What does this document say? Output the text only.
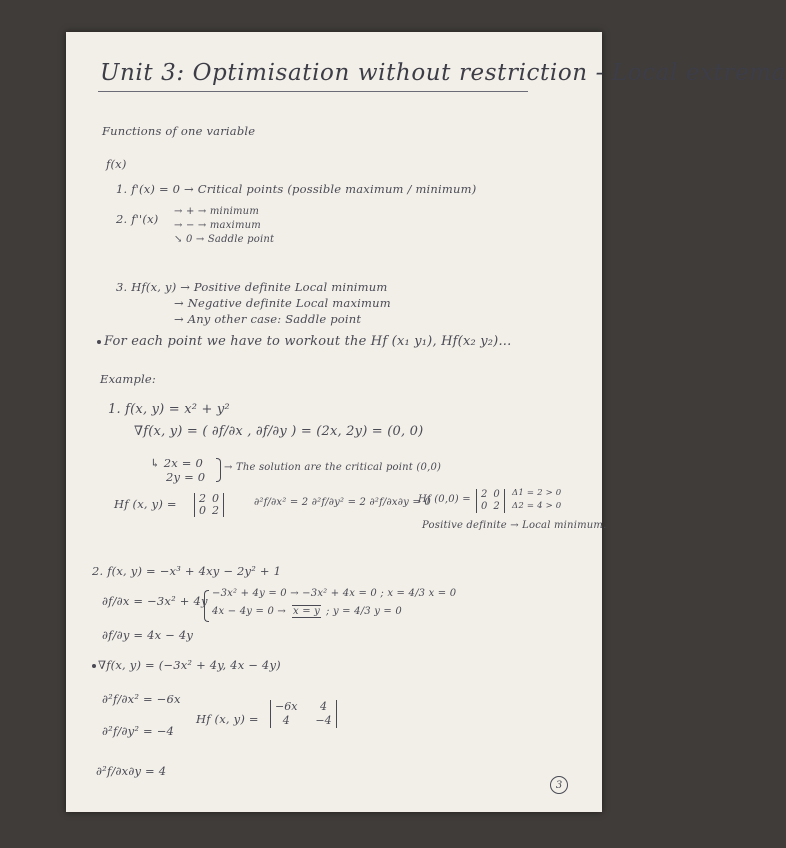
Unit 3: Optimisation without restriction - Local extrema
Functions of one variable
f(x)
1. f'(x) = 0 → Critical points (possible maximum / minimum)
2. f''(x)
→ + → minimum
→ − → maximum
↘ 0 → Saddle point
3. Hf(x, y) → Positive definite Local minimum
→ Negative definite Local maximum
→ Any other case: Saddle point
For each point we have to workout the Hf (x₁ y₁), Hf(x₂ y₂)...
Example:
1. f(x, y) = x² + y²
∇f(x, y) = ( ∂f/∂x , ∂f/∂y ) = (2x, 2y) = (0, 0)
↳ 2x = 0
2y = 0
→ The solution are the critical point (0,0)
Hf (x, y) = 2 0
0 2
∂²f/∂x² = 2 ∂²f/∂y² = 2 ∂²f/∂x∂y = 0
Hf (0,0) = 2 0
0 2
Δ1 = 2 > 0
Δ2 = 4 > 0
Positive definite → Local minimum.
2. f(x, y) = −x³ + 4xy − 2y² + 1
∂f/∂x = −3x² + 4y
−3x² + 4y = 0 → −3x² + 4x = 0 ; x = 4/3 x = 0
4x − 4y = 0 → x = y ; y = 4/3 y = 0
∂f/∂y = 4x − 4y
∇f(x, y) = (−3x² + 4y, 4x − 4y)
∂²f/∂x² = −6x
∂²f/∂y² = −4
∂²f/∂x∂y = 4
Hf (x, y) =
−6x	4
4	−4
3
